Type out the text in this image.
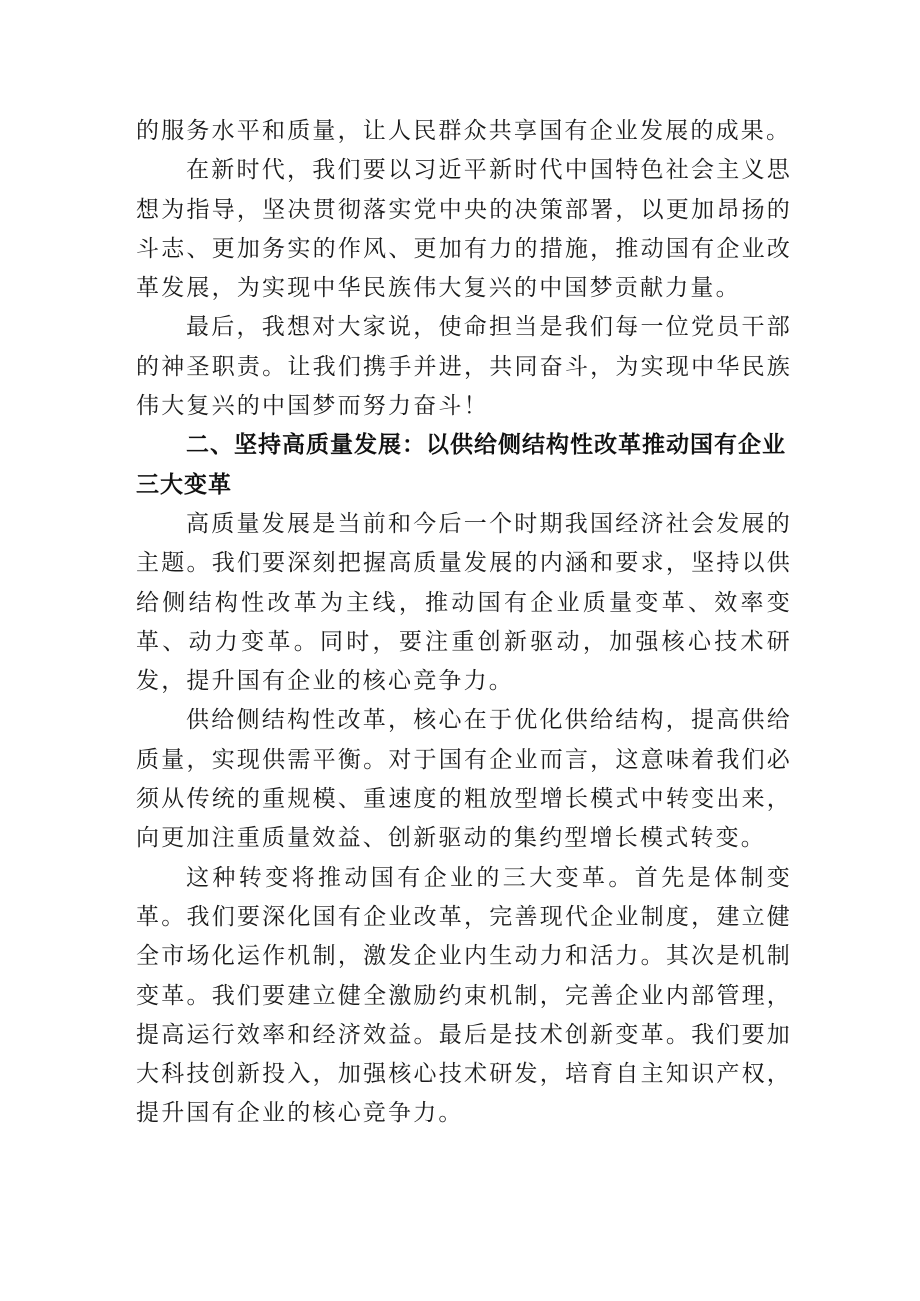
的服务水平和质量，让人民群众共享国有企业发展的成果。

在新时代，我们要以习近平新时代中国特色社会主义思想为指导，坚决贯彻落实党中央的决策部署，以更加昂扬的斗志、更加务实的作风、更加有力的措施，推动国有企业改革发展，为实现中华民族伟大复兴的中国梦贡献力量。

最后，我想对大家说，使命担当是我们每一位党员干部的神圣职责。让我们携手并进，共同奋斗，为实现中华民族伟大复兴的中国梦而努力奋斗！

二、坚持高质量发展：以供给侧结构性改革推动国有企业三大变革

高质量发展是当前和今后一个时期我国经济社会发展的主题。我们要深刻把握高质量发展的内涵和要求，坚持以供给侧结构性改革为主线，推动国有企业质量变革、效率变革、动力变革。同时，要注重创新驱动，加强核心技术研发，提升国有企业的核心竞争力。

供给侧结构性改革，核心在于优化供给结构，提高供给质量，实现供需平衡。对于国有企业而言，这意味着我们必须从传统的重规模、重速度的粗放型增长模式中转变出来，向更加注重质量效益、创新驱动的集约型增长模式转变。

这种转变将推动国有企业的三大变革。首先是体制变革。我们要深化国有企业改革，完善现代企业制度，建立健全市场化运作机制，激发企业内生动力和活力。其次是机制变革。我们要建立健全激励约束机制，完善企业内部管理，提高运行效率和经济效益。最后是技术创新变革。我们要加大科技创新投入，加强核心技术研发，培育自主知识产权，提升国有企业的核心竞争力。
